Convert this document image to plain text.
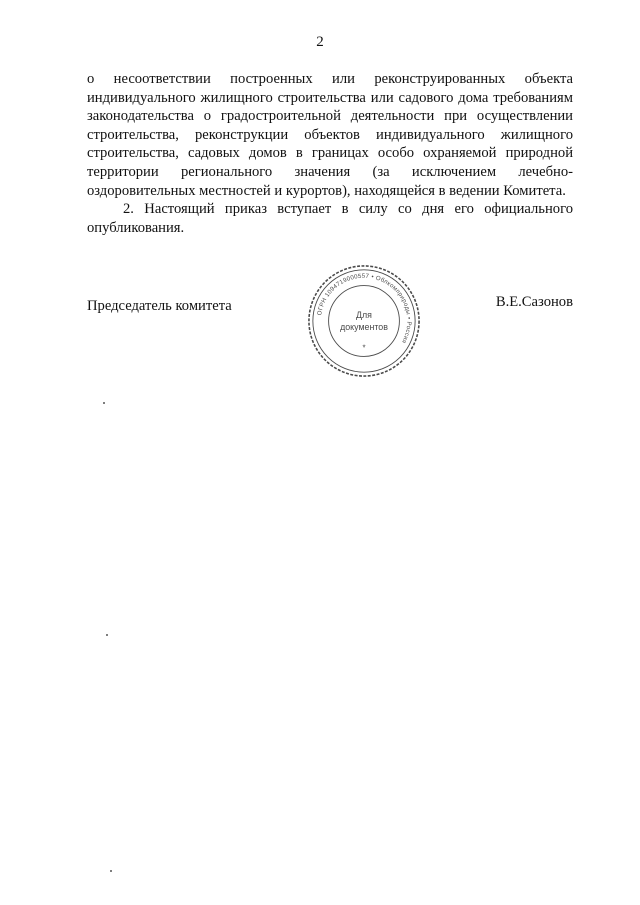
2

о несоответствии построенных или реконструированных объекта индивидуального жилищного строительства или садового дома требованиям законодательства о градостроительной деятельности при осуществлении строительства, реконструкции объектов индивидуального жилищного строительства, садовых домов в границах особо охраняемой природной территории регионального значения (за исключением лечебно-оздоровительных местностей и курортов), находящейся в ведении Комитета.

2. Настоящий приказ вступает в силу со дня его официального опубликования.

Председатель комитета	В.Е.Сазонов
ОГРН 1094719000557 • Облкомприроды • Россия
Для
документов
*
